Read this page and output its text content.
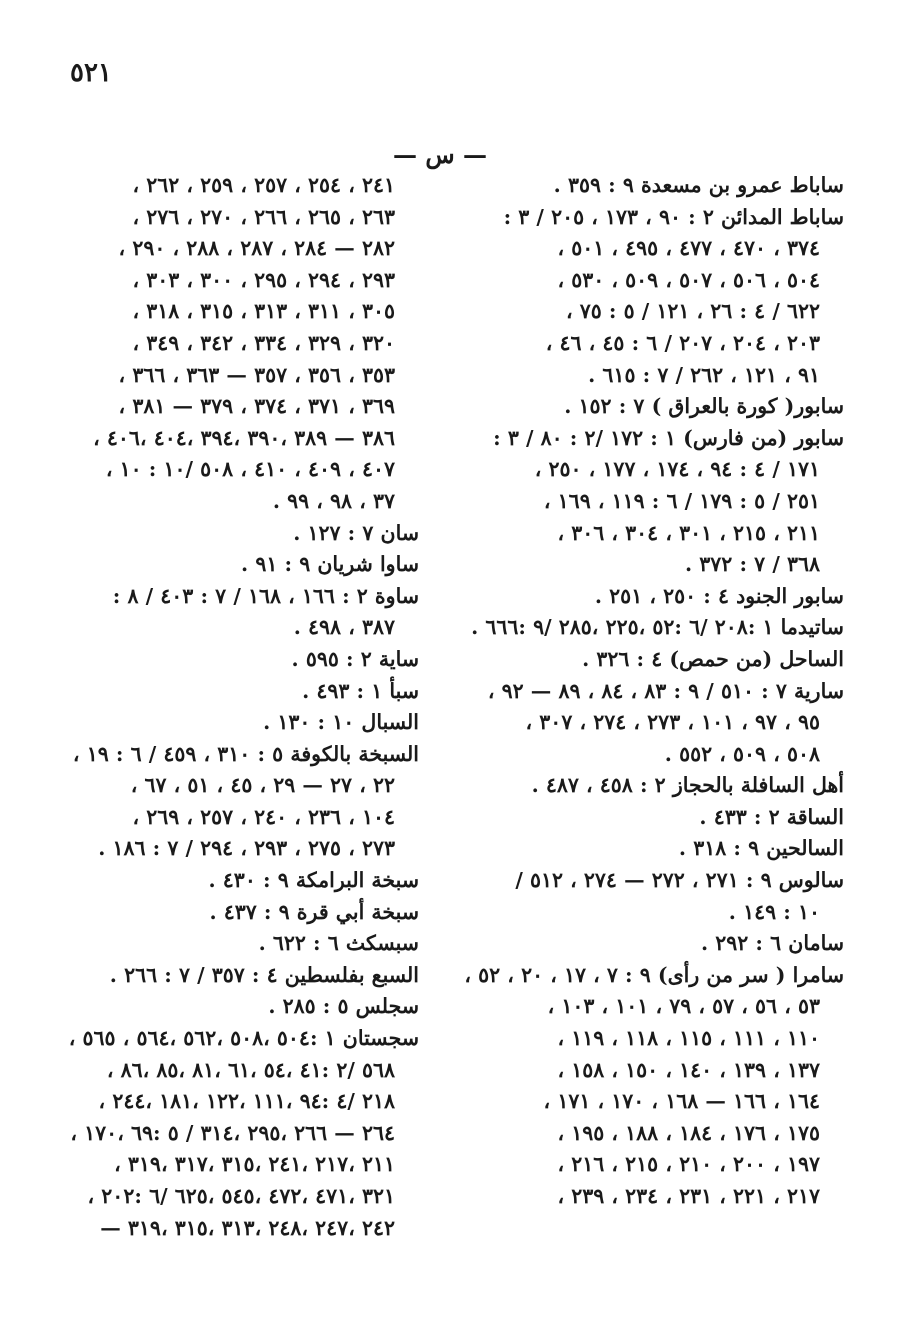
٥٢١
— س —
ساباط عمرو بن مسعدة ٩ : ٣٥٩ .
ساباط المدائن ٢ : ٩٠ ، ١٧٣ ، ٢٠٥ / ٣ :
٣٧٤ ، ٤٧٠ ، ٤٧٧ ، ٤٩٥ ، ٥٠١ ،
٥٠٤ ، ٥٠٦ ، ٥٠٧ ، ٥٠٩ ، ٥٣٠ ،
٦٢٢ / ٤ : ٢٦ ، ١٢١ / ٥ : ٧٥ ،
٢٠٣ ، ٢٠٤ ، ٢٠٧ / ٦ : ٤٥ ، ٤٦ ،
٩١ ، ١٢١ ، ٢٦٢ / ٧ : ٦١٥ .
سابور( كورة بالعراق ) ٧ : ١٥٢ .
سابور (من فارس) ١ : ١٧٢ /٢ : ٨٠ / ٣ :
١٧١ / ٤ : ٩٤ ، ١٧٤ ، ١٧٧ ، ٢٥٠ ،
٢٥١ / ٥ : ١٧٩ / ٦ : ١١٩ ، ١٦٩ ،
٢١١ ، ٢١٥ ، ٣٠١ ، ٣٠٤ ، ٣٠٦ ،
٣٦٨ / ٧ : ٣٧٢ .
سابور الجنود ٤ : ٢٥٠ ، ٢٥١ .
ساتيدما ١ :٢٠٨ /٦ :٥٢ ،٢٢٥ ،٢٨٥ /٩ :٦٦٦ .
الساحل (من حمص) ٤ : ٣٢٦ .
سارية ٧ : ٥١٠ / ٩ : ٨٣ ، ٨٤ ، ٨٩ — ٩٢ ،
٩٥ ، ٩٧ ، ١٠١ ، ٢٧٣ ، ٢٧٤ ، ٣٠٧ ،
٥٠٨ ، ٥٠٩ ، ٥٥٢ .
أهل السافلة بالحجاز ٢ : ٤٥٨ ، ٤٨٧ .
الساقة ٢ : ٤٣٣ .
السالحين ٩ : ٣١٨ .
سالوس ٩ : ٢٧١ ، ٢٧٢ — ٢٧٤ ، ٥١٢ /
١٠ : ١٤٩ .
سامان ٦ : ٢٩٢ .
سامرا ( سر من رأى) ٩ : ٧ ، ١٧ ، ٢٠ ، ٥٢ ،
٥٣ ، ٥٦ ، ٥٧ ، ٧٩ ، ١٠١ ، ١٠٣ ،
١١٠ ، ١١١ ، ١١٥ ، ١١٨ ، ١١٩ ،
١٣٧ ، ١٣٩ ، ١٤٠ ، ١٥٠ ، ١٥٨ ،
١٦٤ ، ١٦٦ — ١٦٨ ، ١٧٠ ، ١٧١ ،
١٧٥ ، ١٧٦ ، ١٨٤ ، ١٨٨ ، ١٩٥ ،
١٩٧ ، ٢٠٠ ، ٢١٠ ، ٢١٥ ، ٢١٦ ،
٢١٧ ، ٢٢١ ، ٢٣١ ، ٢٣٤ ، ٢٣٩ ،
٢٤١ ، ٢٥٤ ، ٢٥٧ ، ٢٥٩ ، ٢٦٢ ،
٢٦٣ ، ٢٦٥ ، ٢٦٦ ، ٢٧٠ ، ٢٧٦ ،
٢٨٢ — ٢٨٤ ، ٢٨٧ ، ٢٨٨ ، ٢٩٠ ،
٢٩٣ ، ٢٩٤ ، ٢٩٥ ، ٣٠٠ ، ٣٠٣ ،
٣٠٥ ، ٣١١ ، ٣١٣ ، ٣١٥ ، ٣١٨ ،
٣٢٠ ، ٣٢٩ ، ٣٣٤ ، ٣٤٢ ، ٣٤٩ ،
٣٥٣ ، ٣٥٦ ، ٣٥٧ — ٣٦٣ ، ٣٦٦ ،
٣٦٩ ، ٣٧١ ، ٣٧٤ ، ٣٧٩ — ٣٨١ ،
٣٨٦ — ٣٨٩ ،٣٩٠ ،٣٩٤ ،٤٠٤ ،٤٠٦ ،
٤٠٧ ، ٤٠٩ ، ٤١٠ ، ٥٠٨ /١٠ : ١٠ ،
٣٧ ، ٩٨ ، ٩٩ .
سان ٧ : ١٢٧ .
ساوا شريان ٩ : ٩١ .
ساوة ٢ : ١٦٦ ، ١٦٨ / ٧ : ٤٠٣ / ٨ :
٣٨٧ ، ٤٩٨ .
ساية ٢ : ٥٩٥ .
سبأ ١ : ٤٩٣ .
السبال ١٠ : ١٣٠ .
السبخة بالكوفة ٥ : ٣١٠ ، ٤٥٩ / ٦ : ١٩ ،
٢٢ ، ٢٧ — ٢٩ ، ٤٥ ، ٥١ ، ٦٧ ،
١٠٤ ، ٢٣٦ ، ٢٤٠ ، ٢٥٧ ، ٢٦٩ ،
٢٧٣ ، ٢٧٥ ، ٢٩٣ ، ٢٩٤ / ٧ : ١٨٦ .
سبخة البرامكة ٩ : ٤٣٠ .
سبخة أبي قرة ٩ : ٤٣٧ .
سبسكث ٦ : ٦٢٢ .
السبع بفلسطين ٤ : ٣٥٧ / ٧ : ٢٦٦ .
سجلس ٥ : ٢٨٥ .
سجستان ١ :٥٠٤ ،٥٠٨ ،٥٦٢ ،٥٦٤ ، ٥٦٥ ،
٥٦٨ /٢ :٤١ ،٥٤ ،٦١ ،٨١ ،٨٥ ،٨٦ ،
٢١٨ /٤ :٩٤ ،١١١ ،١٢٢ ،١٨١ ،٢٤٤ ،
٢٦٤ — ٢٦٦ ،٢٩٥ ،٣١٤ / ٥ :٦٩ ،١٧٠ ،
٢١١ ،٢١٧ ،٢٤١ ،٣١٥ ،٣١٧ ،٣١٩ ،
٣٢١ ،٤٧١ ،٤٧٢ ،٥٤٥ ،٦٢٥ /٦ :٢٠٢ ،
٢٤٢ ،٢٤٧ ،٢٤٨ ،٣١٣ ،٣١٥ ،٣١٩ —
